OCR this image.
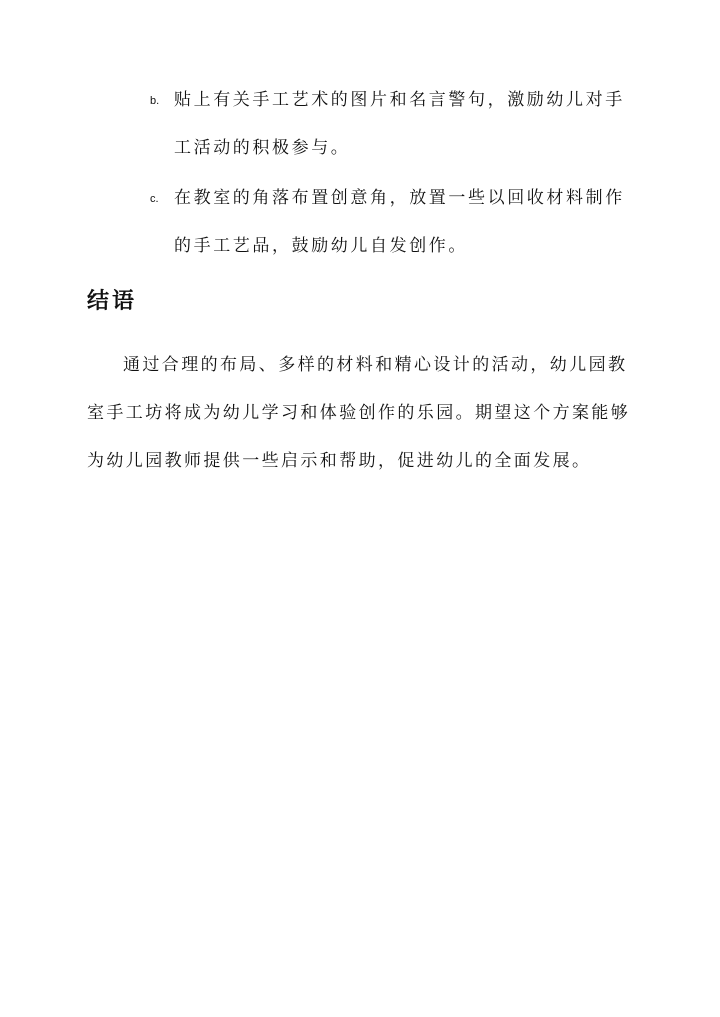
b. 贴上有关手工艺术的图片和名言警句，激励幼儿对手工活动的积极参与。
c. 在教室的角落布置创意角，放置一些以回收材料制作的手工艺品，鼓励幼儿自发创作。
结语

通过合理的布局、多样的材料和精心设计的活动，幼儿园教室手工坊将成为幼儿学习和体验创作的乐园。期望这个方案能够为幼儿园教师提供一些启示和帮助，促进幼儿的全面发展。
